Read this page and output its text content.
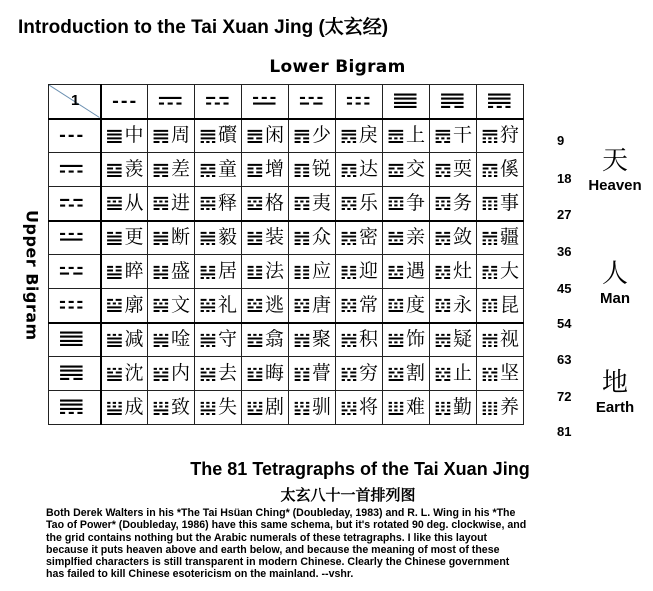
Introduction to the Tai Xuan Jing (太玄经)
Lower Bigram
Upper Bigram
1	𝌀	𝌁	𝌂	𝌃	𝌄	𝌅	𝌆	𝌇	𝌈
𝌀	𝌆 中	𝌇 周	𝌈 礥	𝌉 闲	𝌊 少	𝌋 戾	𝌌 上	𝌍 干	𝌎 狩

𝌁	𝌏 羡	𝌐 差	𝌑 童	𝌒 增	𝌓 锐	𝌔 达	𝌕 交	𝌖 耎	𝌗 傒

𝌂	𝌘 从	𝌙 进	𝌚 释	𝌛 格	𝌜 夷	𝌝 乐	𝌞 争	𝌟 务	𝌠 事

𝌃	𝌡 更	𝌢 断	𝌣 毅	𝌤 装	𝌥 众	𝌦 密	𝌧 亲	𝌨 敛	𝌩 疆

𝌄	𝌪 睟	𝌫 盛	𝌬 居	𝌭 法	𝌮 应	𝌯 迎	𝌰 遇	𝌱 灶	𝌲 大

𝌅	𝌳 廓	𝌴 文	𝌵 礼	𝌶 逃	𝌷 唐	𝌸 常	𝌹 度	𝌺 永	𝌻 昆

𝌆	𝌼 减	𝌽 唫	𝌾 守	𝌿 翕	𝍀 聚	𝍁 积	𝍂 饰	𝍃 疑	𝍄 视

𝌇	𝍅 沈	𝍆 内	𝍇 去	𝍈 晦	𝍉 瞢	𝍊 穷	𝍋 割	𝍌 止	𝍍 坚

𝌈	𝍎 成	𝍏 致	𝍐 失	𝍑 剧	𝍒 驯	𝍓 将	𝍔 难	𝍕 勤	𝍖 养
9
18
27
36
45
54
63
72
81
天
Heaven
人
Man
地
Earth
The 81 Tetragraphs of the Tai Xuan Jing
太玄八十一首排列图
Both Derek Walters in his *The Tai Hsüan Ching* (Doubleday, 1983) and R. L. Wing in his *The
Tao of Power* (Doubleday, 1986) have this same schema, but it's rotated 90 deg. clockwise, and
the grid contains nothing but the Arabic numerals of these tetragraphs. I like this layout
because it puts heaven above and earth below, and because the meaning of most of these
simplfied characters is still transparent in modern Chinese. Clearly the Chinese government
has failed to kill Chinese esotericism on the mainland. --vshr.
